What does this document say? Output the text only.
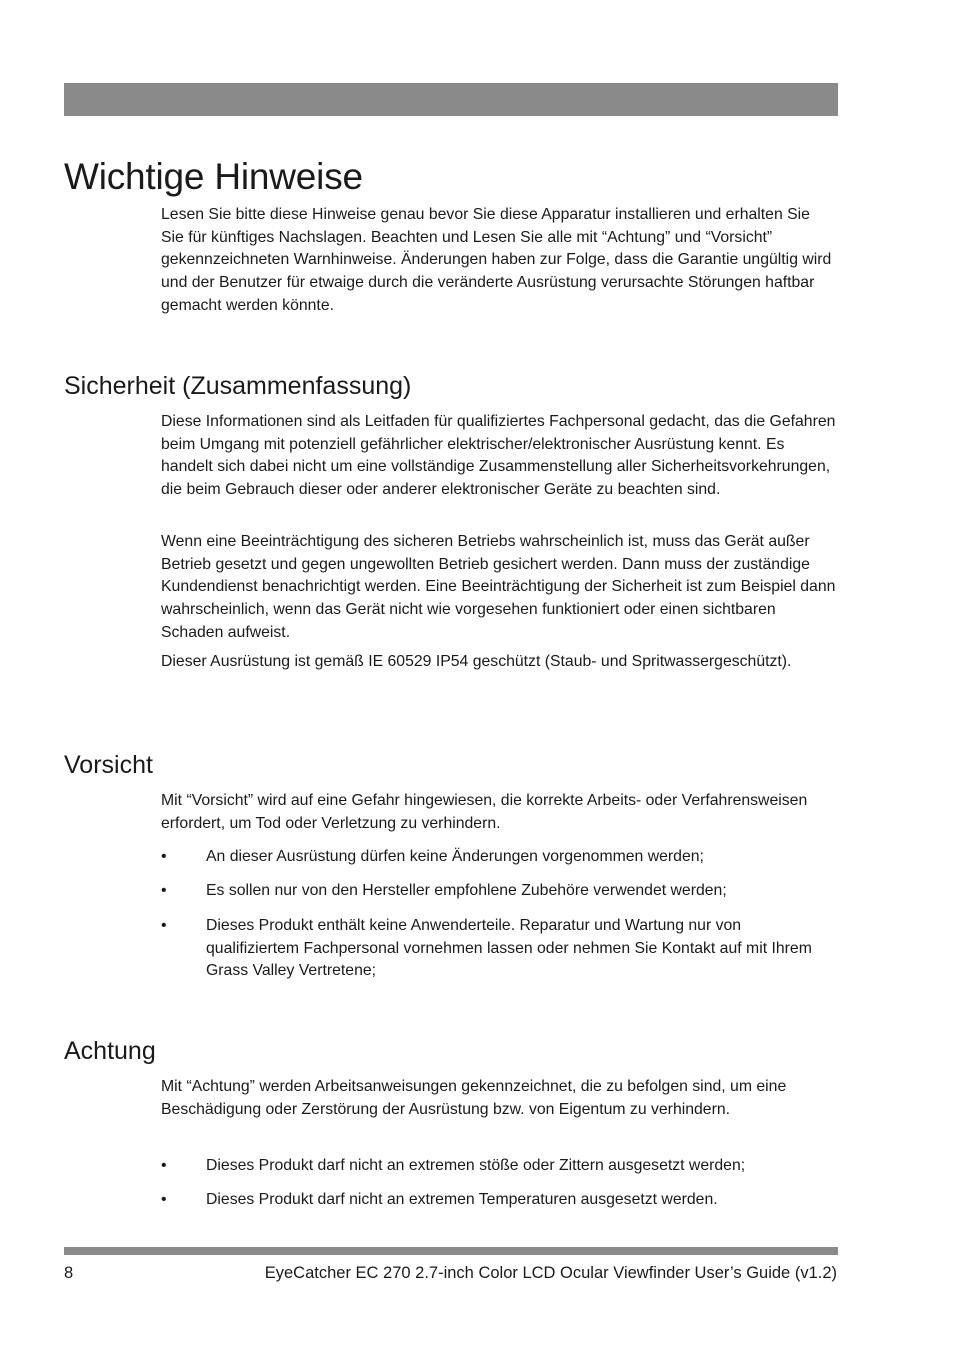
Wichtige Hinweise

Lesen Sie bitte diese Hinweise genau bevor Sie diese Apparatur installieren und erhalten Sie Sie für künftiges Nachslagen. Beachten und Lesen Sie alle mit “Achtung” und “Vorsicht” gekennzeichneten Warnhinweise. Änderungen haben zur Folge, dass die Garantie ungültig wird und der Benutzer für etwaige durch die veränderte Ausrüstung verursachte Störungen haftbar gemacht werden könnte.

Sicherheit (Zusammenfassung)

Diese Informationen sind als Leitfaden für qualifiziertes Fachpersonal gedacht, das die Gefahren beim Umgang mit potenziell gefährlicher elektrischer/elektronischer Ausrüstung kennt. Es handelt sich dabei nicht um eine vollständige Zusammenstellung aller Sicherheitsvorkehrungen, die beim Gebrauch dieser oder anderer elektronischer Geräte zu beachten sind.

Wenn eine Beeinträchtigung des sicheren Betriebs wahrscheinlich ist, muss das Gerät außer Betrieb gesetzt und gegen ungewollten Betrieb gesichert werden. Dann muss der zuständige Kundendienst benachrichtigt werden. Eine Beeinträchtigung der Sicherheit ist zum Beispiel dann wahrscheinlich, wenn das Gerät nicht wie vorgesehen funktioniert oder einen sichtbaren Schaden aufweist.

Dieser Ausrüstung ist gemäß IE 60529 IP54 geschützt (Staub- und Spritwassergeschützt).

Vorsicht

Mit “Vorsicht” wird auf eine Gefahr hingewiesen, die korrekte Arbeits- oder Verfahrensweisen erfordert, um Tod oder Verletzung zu verhindern.

• An dieser Ausrüstung dürfen keine Änderungen vorgenommen werden;
• Es sollen nur von den Hersteller empfohlene Zubehöre verwendet werden;
• Dieses Produkt enthält keine Anwenderteile. Reparatur und Wartung nur von qualifiziertem Fachpersonal vornehmen lassen oder nehmen Sie Kontakt auf mit Ihrem Grass Valley Vertretene;
Achtung

Mit “Achtung” werden Arbeitsanweisungen gekennzeichnet, die zu befolgen sind, um eine Beschädigung oder Zerstörung der Ausrüstung bzw. von Eigentum zu verhindern.

• Dieses Produkt darf nicht an extremen stöße oder Zittern ausgesetzt werden;
• Dieses Produkt darf nicht an extremen Temperaturen ausgesetzt werden.
8	EyeCatcher EC 270 2.7-inch Color LCD Ocular Viewfinder User’s Guide (v1.2)
